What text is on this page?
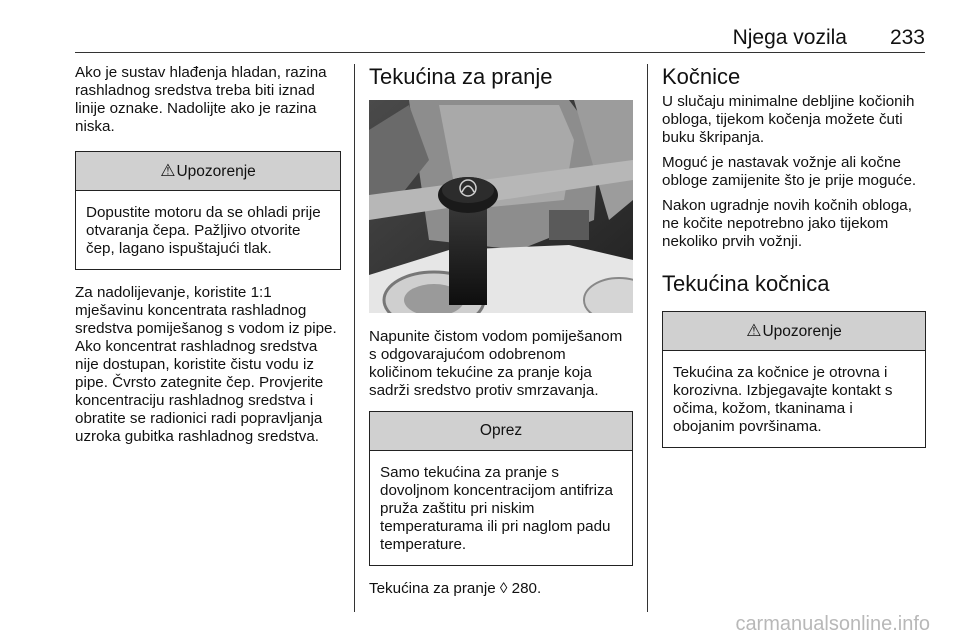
Njega vozila 233

Ako je sustav hlađenja hladan, razina rashladnog sredstva treba biti iznad linije oznake. Nadolijte ako je razina niska.

⚠Upozorenje
Dopustite motoru da se ohladi prije otvaranja čepa. Pažljivo otvorite čep, lagano ispuštajući tlak.

Za nadolijevanje, koristite 1:1 mješavinu koncentrata rashladnog sredstva pomiješanog s vodom iz pipe. Ako koncentrat rashladnog sredstva nije dostupan, koristite čistu vodu iz pipe. Čvrsto zategnite čep. Provjerite koncentraciju rashladnog sredstva i obratite se radionici radi popravljanja uzroka gubitka rashladnog sredstva.

Tekućina za pranje

Napunite čistom vodom pomiješanom s odgovarajućom odobrenom količinom tekućine za pranje koja sadrži sredstvo protiv smrzavanja.

Oprez
Samo tekućina za pranje s dovoljnom koncentracijom antifriza pruža zaštitu pri niskim temperaturama ili pri naglom padu temperature.

Tekućina za pranje ◊ 280.

Kočnice

U slučaju minimalne debljine kočionih obloga, tijekom kočenja možete čuti buku škripanja.

Moguć je nastavak vožnje ali kočne obloge zamijenite što je prije moguće.

Nakon ugradnje novih kočnih obloga, ne kočite nepotrebno jako tijekom nekoliko prvih vožnji.

Tekućina kočnica
⚠Upozorenje
Tekućina za kočnice je otrovna i korozivna. Izbjegavajte kontakt s očima, kožom, tkaninama i obojanim površinama.
carmanualsonline.info
